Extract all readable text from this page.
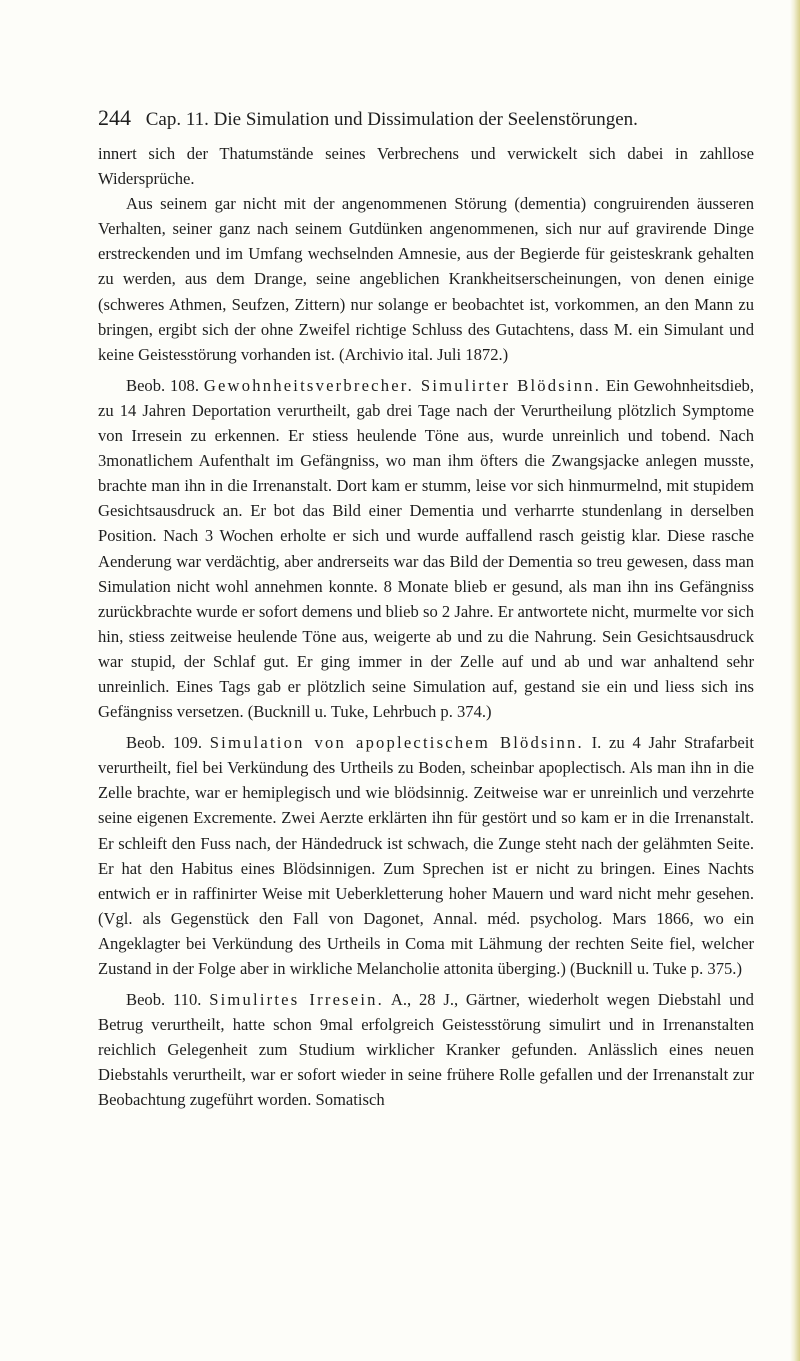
244 Cap. 11. Die Simulation und Dissimulation der Seelenstörungen.

innert sich der Thatumstände seines Verbrechens und verwickelt sich dabei in zahllose Widersprüche.

Aus seinem gar nicht mit der angenommenen Störung (dementia) congruirenden äusseren Verhalten, seiner ganz nach seinem Gutdünken angenommenen, sich nur auf gravirende Dinge erstreckenden und im Umfang wechselnden Amnesie, aus der Begierde für geisteskrank gehalten zu werden, aus dem Drange, seine angeblichen Krankheitserscheinungen, von denen einige (schweres Athmen, Seufzen, Zittern) nur solange er beobachtet ist, vorkommen, an den Mann zu bringen, ergibt sich der ohne Zweifel richtige Schluss des Gutachtens, dass M. ein Simulant und keine Geistesstörung vorhanden ist. (Archivio ital. Juli 1872.)

Beob. 108. Gewohnheitsverbrecher. Simulirter Blödsinn. Ein Gewohnheitsdieb, zu 14 Jahren Deportation verurtheilt, gab drei Tage nach der Verurtheilung plötzlich Symptome von Irresein zu erkennen. Er stiess heulende Töne aus, wurde unreinlich und tobend. Nach 3monatlichem Aufenthalt im Gefängniss, wo man ihm öfters die Zwangsjacke anlegen musste, brachte man ihn in die Irrenanstalt. Dort kam er stumm, leise vor sich hinmurmelnd, mit stupidem Gesichtsausdruck an. Er bot das Bild einer Dementia und verharrte stundenlang in derselben Position. Nach 3 Wochen erholte er sich und wurde auffallend rasch geistig klar. Diese rasche Aenderung war verdächtig, aber andrerseits war das Bild der Dementia so treu gewesen, dass man Simulation nicht wohl annehmen konnte. 8 Monate blieb er gesund, als man ihn ins Gefängniss zurückbrachte wurde er sofort demens und blieb so 2 Jahre. Er antwortete nicht, murmelte vor sich hin, stiess zeitweise heulende Töne aus, weigerte ab und zu die Nahrung. Sein Gesichtsausdruck war stupid, der Schlaf gut. Er ging immer in der Zelle auf und ab und war anhaltend sehr unreinlich. Eines Tags gab er plötzlich seine Simulation auf, gestand sie ein und liess sich ins Gefängniss versetzen. (Bucknill u. Tuke, Lehrbuch p. 374.)

Beob. 109. Simulation von apoplectischem Blödsinn. I. zu 4 Jahr Strafarbeit verurtheilt, fiel bei Verkündung des Urtheils zu Boden, scheinbar apoplectisch. Als man ihn in die Zelle brachte, war er hemiplegisch und wie blödsinnig. Zeitweise war er unreinlich und verzehrte seine eigenen Excremente. Zwei Aerzte erklärten ihn für gestört und so kam er in die Irrenanstalt. Er schleift den Fuss nach, der Händedruck ist schwach, die Zunge steht nach der gelähmten Seite. Er hat den Habitus eines Blödsinnigen. Zum Sprechen ist er nicht zu bringen. Eines Nachts entwich er in raffinirter Weise mit Ueberkletterung hoher Mauern und ward nicht mehr gesehen. (Vgl. als Gegenstück den Fall von Dagonet, Annal. méd. psycholog. Mars 1866, wo ein Angeklagter bei Verkündung des Urtheils in Coma mit Lähmung der rechten Seite fiel, welcher Zustand in der Folge aber in wirkliche Melancholie attonita überging.) (Bucknill u. Tuke p. 375.)

Beob. 110. Simulirtes Irresein. A., 28 J., Gärtner, wiederholt wegen Diebstahl und Betrug verurtheilt, hatte schon 9mal erfolgreich Geistesstörung simulirt und in Irrenanstalten reichlich Gelegenheit zum Studium wirklicher Kranker gefunden. Anlässlich eines neuen Diebstahls verurtheilt, war er sofort wieder in seine frühere Rolle gefallen und der Irrenanstalt zur Beobachtung zugeführt worden. Somatisch
